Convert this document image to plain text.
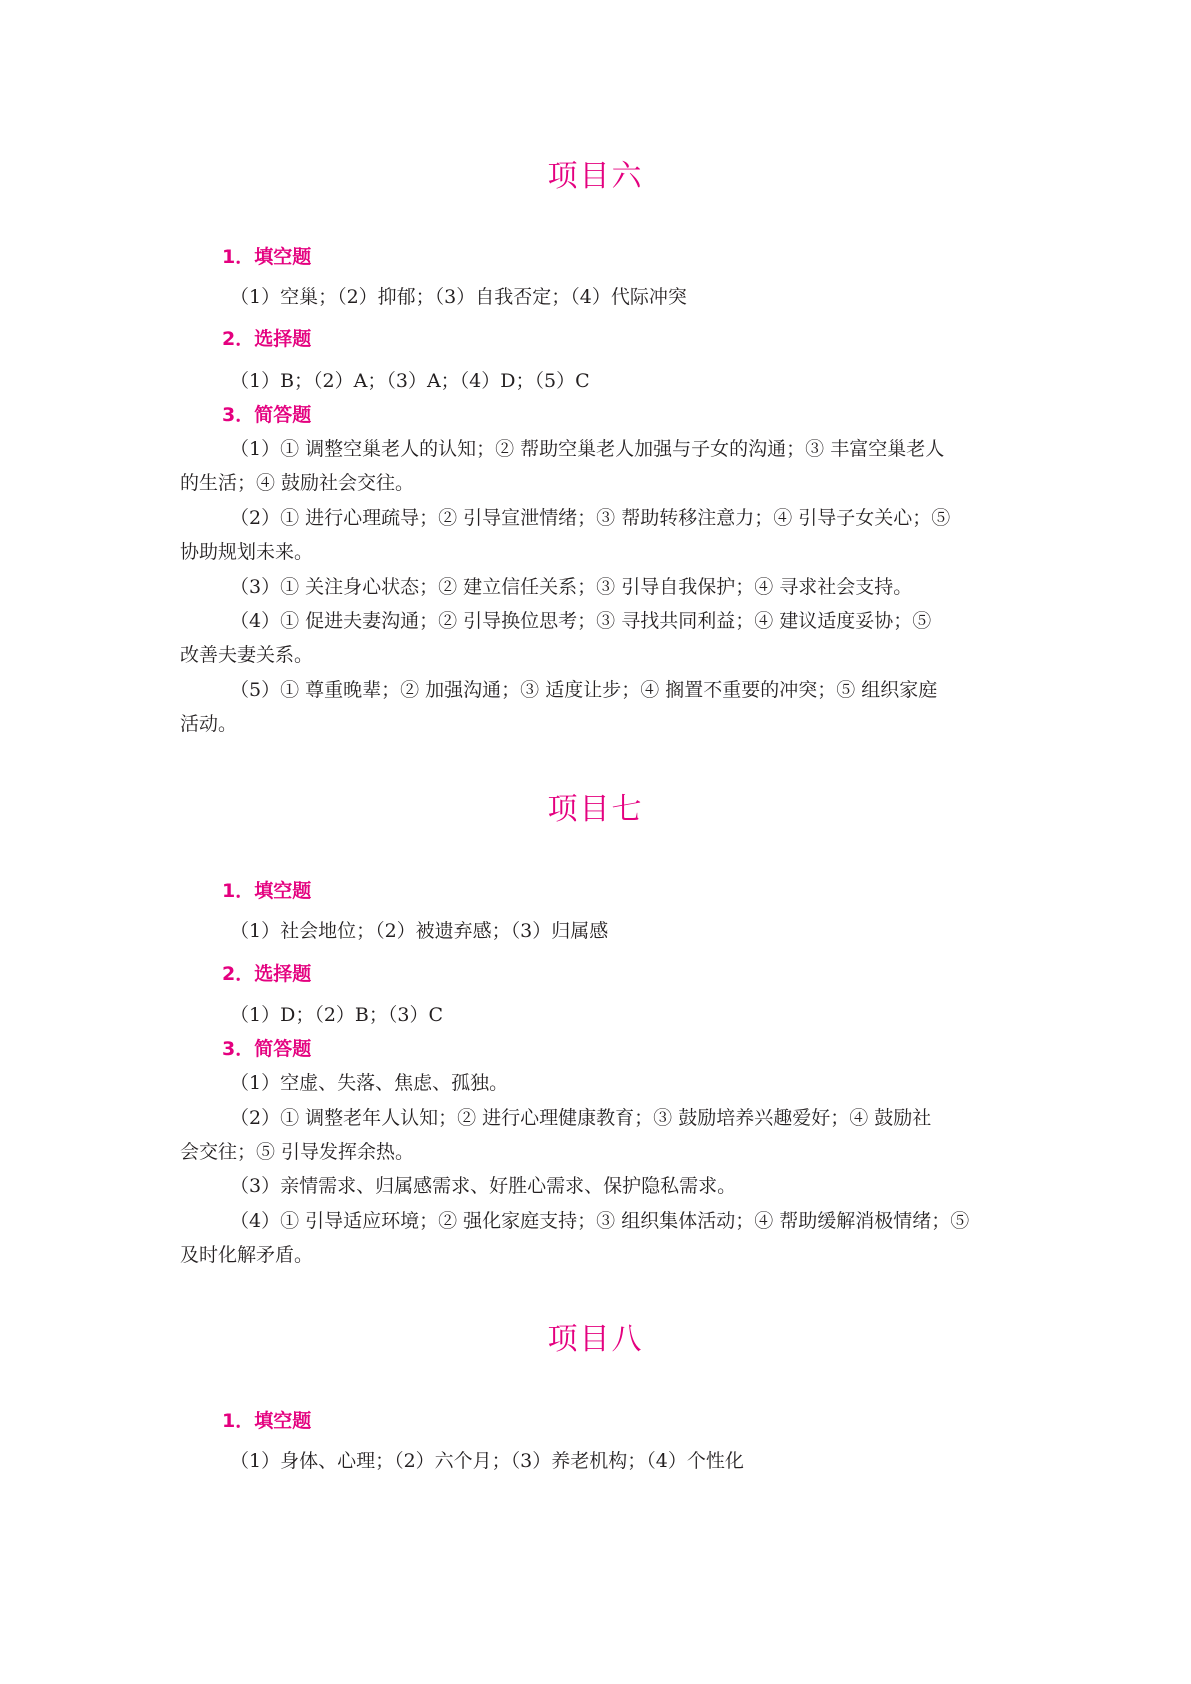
项目六
1．填空题
（1）空巢；（2）抑郁；（3）自我否定；（4）代际冲突
2．选择题
（1）B；（2）A；（3）A；（4）D；（5）C
3．简答题
（1）① 调整空巢老人的认知；② 帮助空巢老人加强与子女的沟通；③ 丰富空巢老人
的生活；④ 鼓励社会交往。
（2）① 进行心理疏导；② 引导宣泄情绪；③ 帮助转移注意力；④ 引导子女关心；⑤
协助规划未来。
（3）① 关注身心状态；② 建立信任关系；③ 引导自我保护；④ 寻求社会支持。
（4）① 促进夫妻沟通；② 引导换位思考；③ 寻找共同利益；④ 建议适度妥协；⑤
改善夫妻关系。
（5）① 尊重晚辈；② 加强沟通；③ 适度让步；④ 搁置不重要的冲突；⑤ 组织家庭
活动。
项目七
1．填空题
（1）社会地位；（2）被遗弃感；（3）归属感
2．选择题
（1）D；（2）B；（3）C
3．简答题
（1）空虚、失落、焦虑、孤独。
（2）① 调整老年人认知；② 进行心理健康教育；③ 鼓励培养兴趣爱好；④ 鼓励社
会交往；⑤ 引导发挥余热。
（3）亲情需求、归属感需求、好胜心需求、保护隐私需求。
（4）① 引导适应环境；② 强化家庭支持；③ 组织集体活动；④ 帮助缓解消极情绪；⑤
及时化解矛盾。
项目八
1．填空题
（1）身体、心理；（2）六个月；（3）养老机构；（4）个性化
